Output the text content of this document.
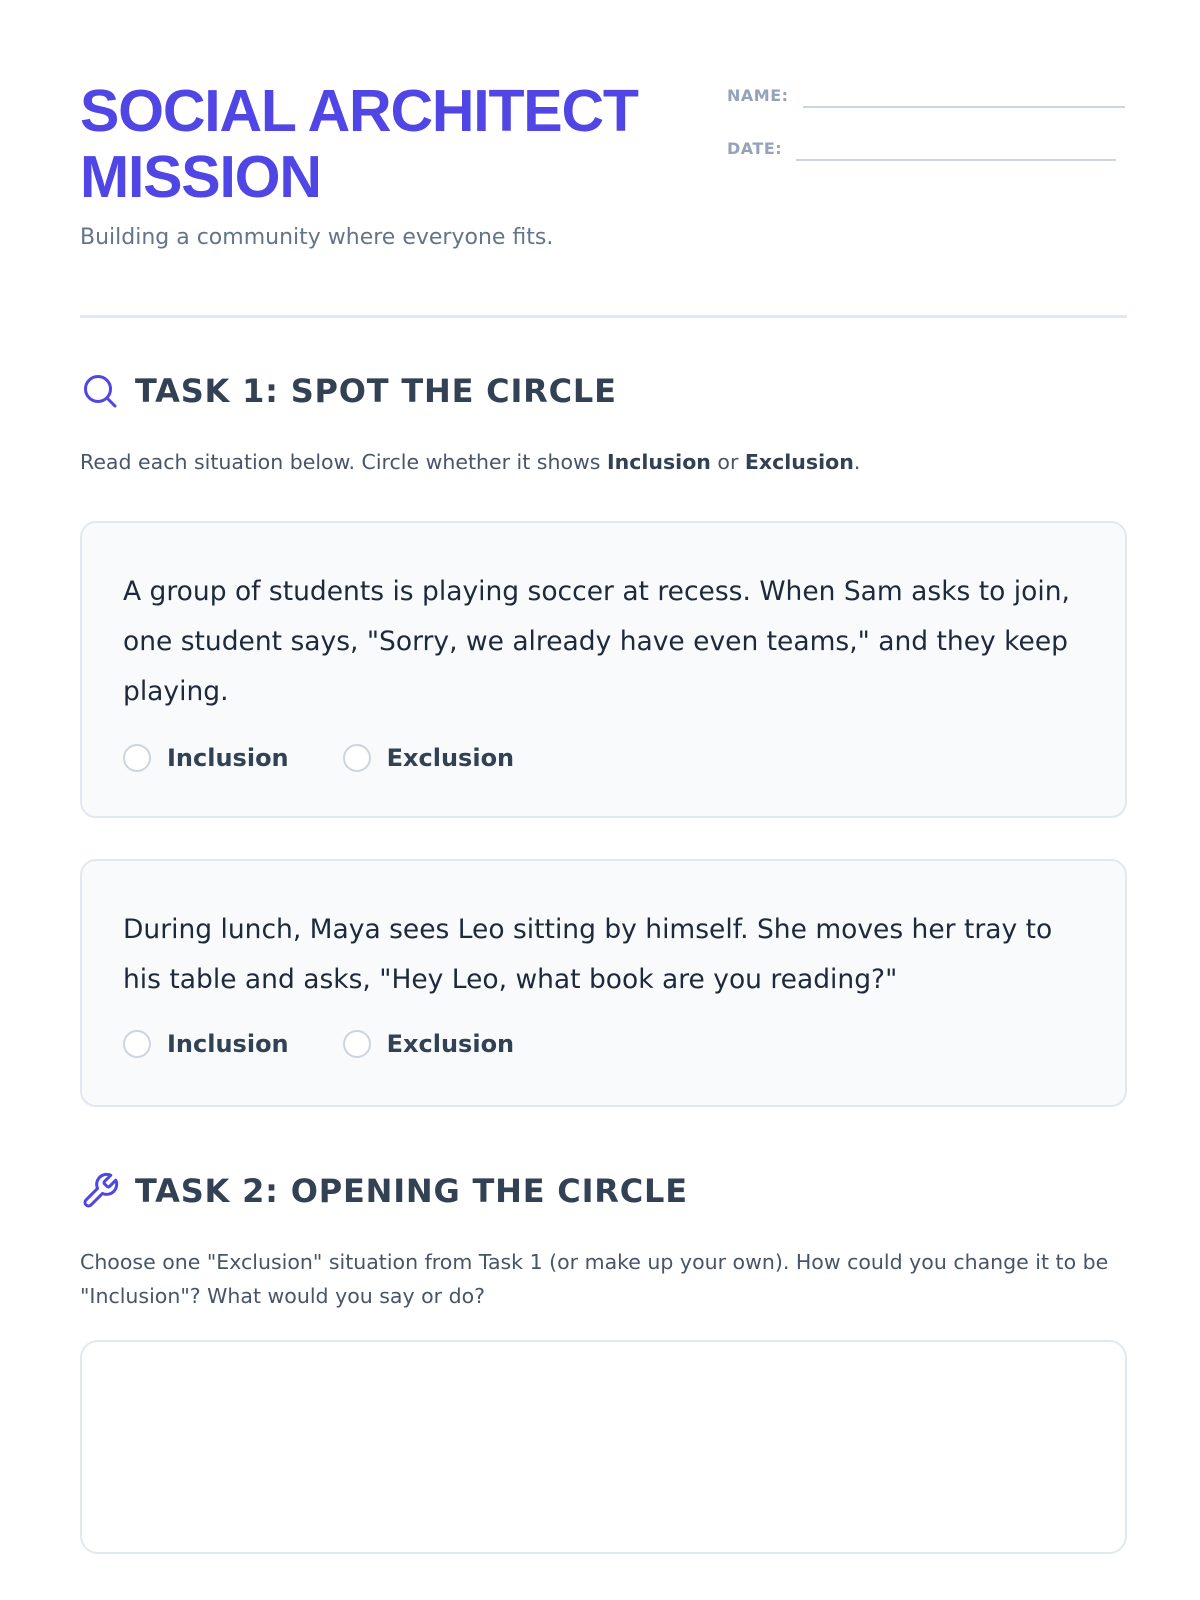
SOCIAL ARCHITECT
MISSION

Building a community where everyone fits.

NAME:
DATE:
TASK 1: SPOT THE CIRCLE

Read each situation below. Circle whether it shows Inclusion or Exclusion.

A group of students is playing soccer at recess. When Sam asks to join, one student says, "Sorry, we already have even teams," and they keep playing.

Inclusion	Exclusion

During lunch, Maya sees Leo sitting by himself. She moves her tray to his table and asks, "Hey Leo, what book are you reading?"

Inclusion	Exclusion
TASK 2: OPENING THE CIRCLE

Choose one "Exclusion" situation from Task 1 (or make up your own). How could you change it to be "Inclusion"? What would you say or do?
